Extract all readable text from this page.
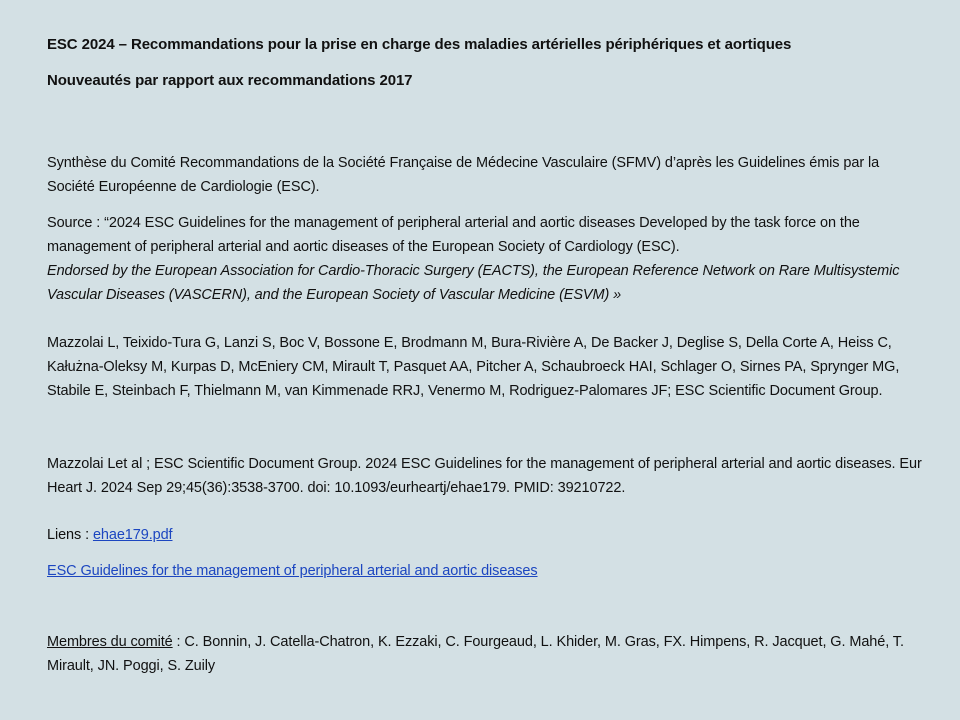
ESC 2024 – Recommandations pour la prise en charge des maladies artérielles périphériques et aortiques
Nouveautés par rapport aux recommandations 2017
Synthèse du Comité Recommandations de la Société Française de Médecine Vasculaire (SFMV) d’après les Guidelines émis par la Société Européenne de Cardiologie (ESC).
Source : “2024 ESC Guidelines for the management of peripheral arterial and aortic diseases Developed by the task force on the management of peripheral arterial and aortic diseases of the European Society of Cardiology (ESC).
Endorsed by the European Association for Cardio-Thoracic Surgery (EACTS), the European Reference Network on Rare Multisystemic Vascular Diseases (VASCERN), and the European Society of Vascular Medicine (ESVM) »
Mazzolai L, Teixido-Tura G, Lanzi S, Boc V, Bossone E, Brodmann M, Bura-Rivière A, De Backer J, Deglise S, Della Corte A, Heiss C, Kałużna-Oleksy M, Kurpas D, McEniery CM, Mirault T, Pasquet AA, Pitcher A, Schaubroeck HAI, Schlager O, Sirnes PA, Sprynger MG, Stabile E, Steinbach F, Thielmann M, van Kimmenade RRJ, Venermo M, Rodriguez-Palomares JF; ESC Scientific Document Group.
Mazzolai Let al ; ESC Scientific Document Group. 2024 ESC Guidelines for the management of peripheral arterial and aortic diseases. Eur Heart J. 2024 Sep 29;45(36):3538-3700. doi: 10.1093/eurheartj/ehae179. PMID: 39210722.
Liens : ehae179.pdf
ESC Guidelines for the management of peripheral arterial and aortic diseases
Membres du comité : C. Bonnin, J. Catella-Chatron, K. Ezzaki, C. Fourgeaud, L. Khider, M. Gras, FX. Himpens, R. Jacquet, G. Mahé, T. Mirault, JN. Poggi, S. Zuily
